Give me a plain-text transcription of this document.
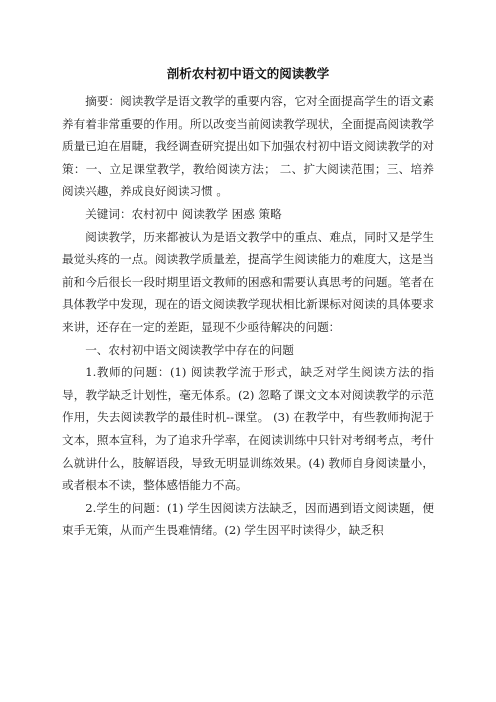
剖析农村初中语文的阅读教学

摘要：阅读教学是语文教学的重要内容，它对全面提高学生的语文素养有着非常重要的作用。所以改变当前阅读教学现状，全面提高阅读教学质量已迫在眉睫，我经调查研究提出如下加强农村初中语文阅读教学的对策：一、立足课堂教学，教给阅读方法； 二、扩大阅读范围；三、培养阅读兴趣，养成良好阅读习惯 。

关键词：农村初中 阅读教学 困惑 策略

阅读教学，历来都被认为是语文教学中的重点、难点，同时又是学生最觉头疼的一点。阅读教学质量差，提高学生阅读能力的难度大，这是当前和今后很长一段时期里语文教师的困惑和需要认真思考的问题。笔者在具体教学中发现，现在的语文阅读教学现状相比新课标对阅读的具体要求来讲，还存在一定的差距，显现不少亟待解决的问题：

一、农村初中语文阅读教学中存在的问题

1.教师的问题：(1) 阅读教学流于形式，缺乏对学生阅读方法的指导，教学缺乏计划性，毫无体系。(2) 忽略了课文文本对阅读教学的示范作用，失去阅读教学的最佳时机--课堂。 (3) 在教学中，有些教师拘泥于文本，照本宣科，为了追求升学率，在阅读训练中只针对考纲考点，考什么就讲什么，肢解语段，导致无明显训练效果。(4) 教师自身阅读量小，或者根本不读，整体感悟能力不高。

2.学生的问题：(1) 学生因阅读方法缺乏，因而遇到语文阅读题，便束手无策，从而产生畏难情绪。(2) 学生因平时读得少，缺乏积
